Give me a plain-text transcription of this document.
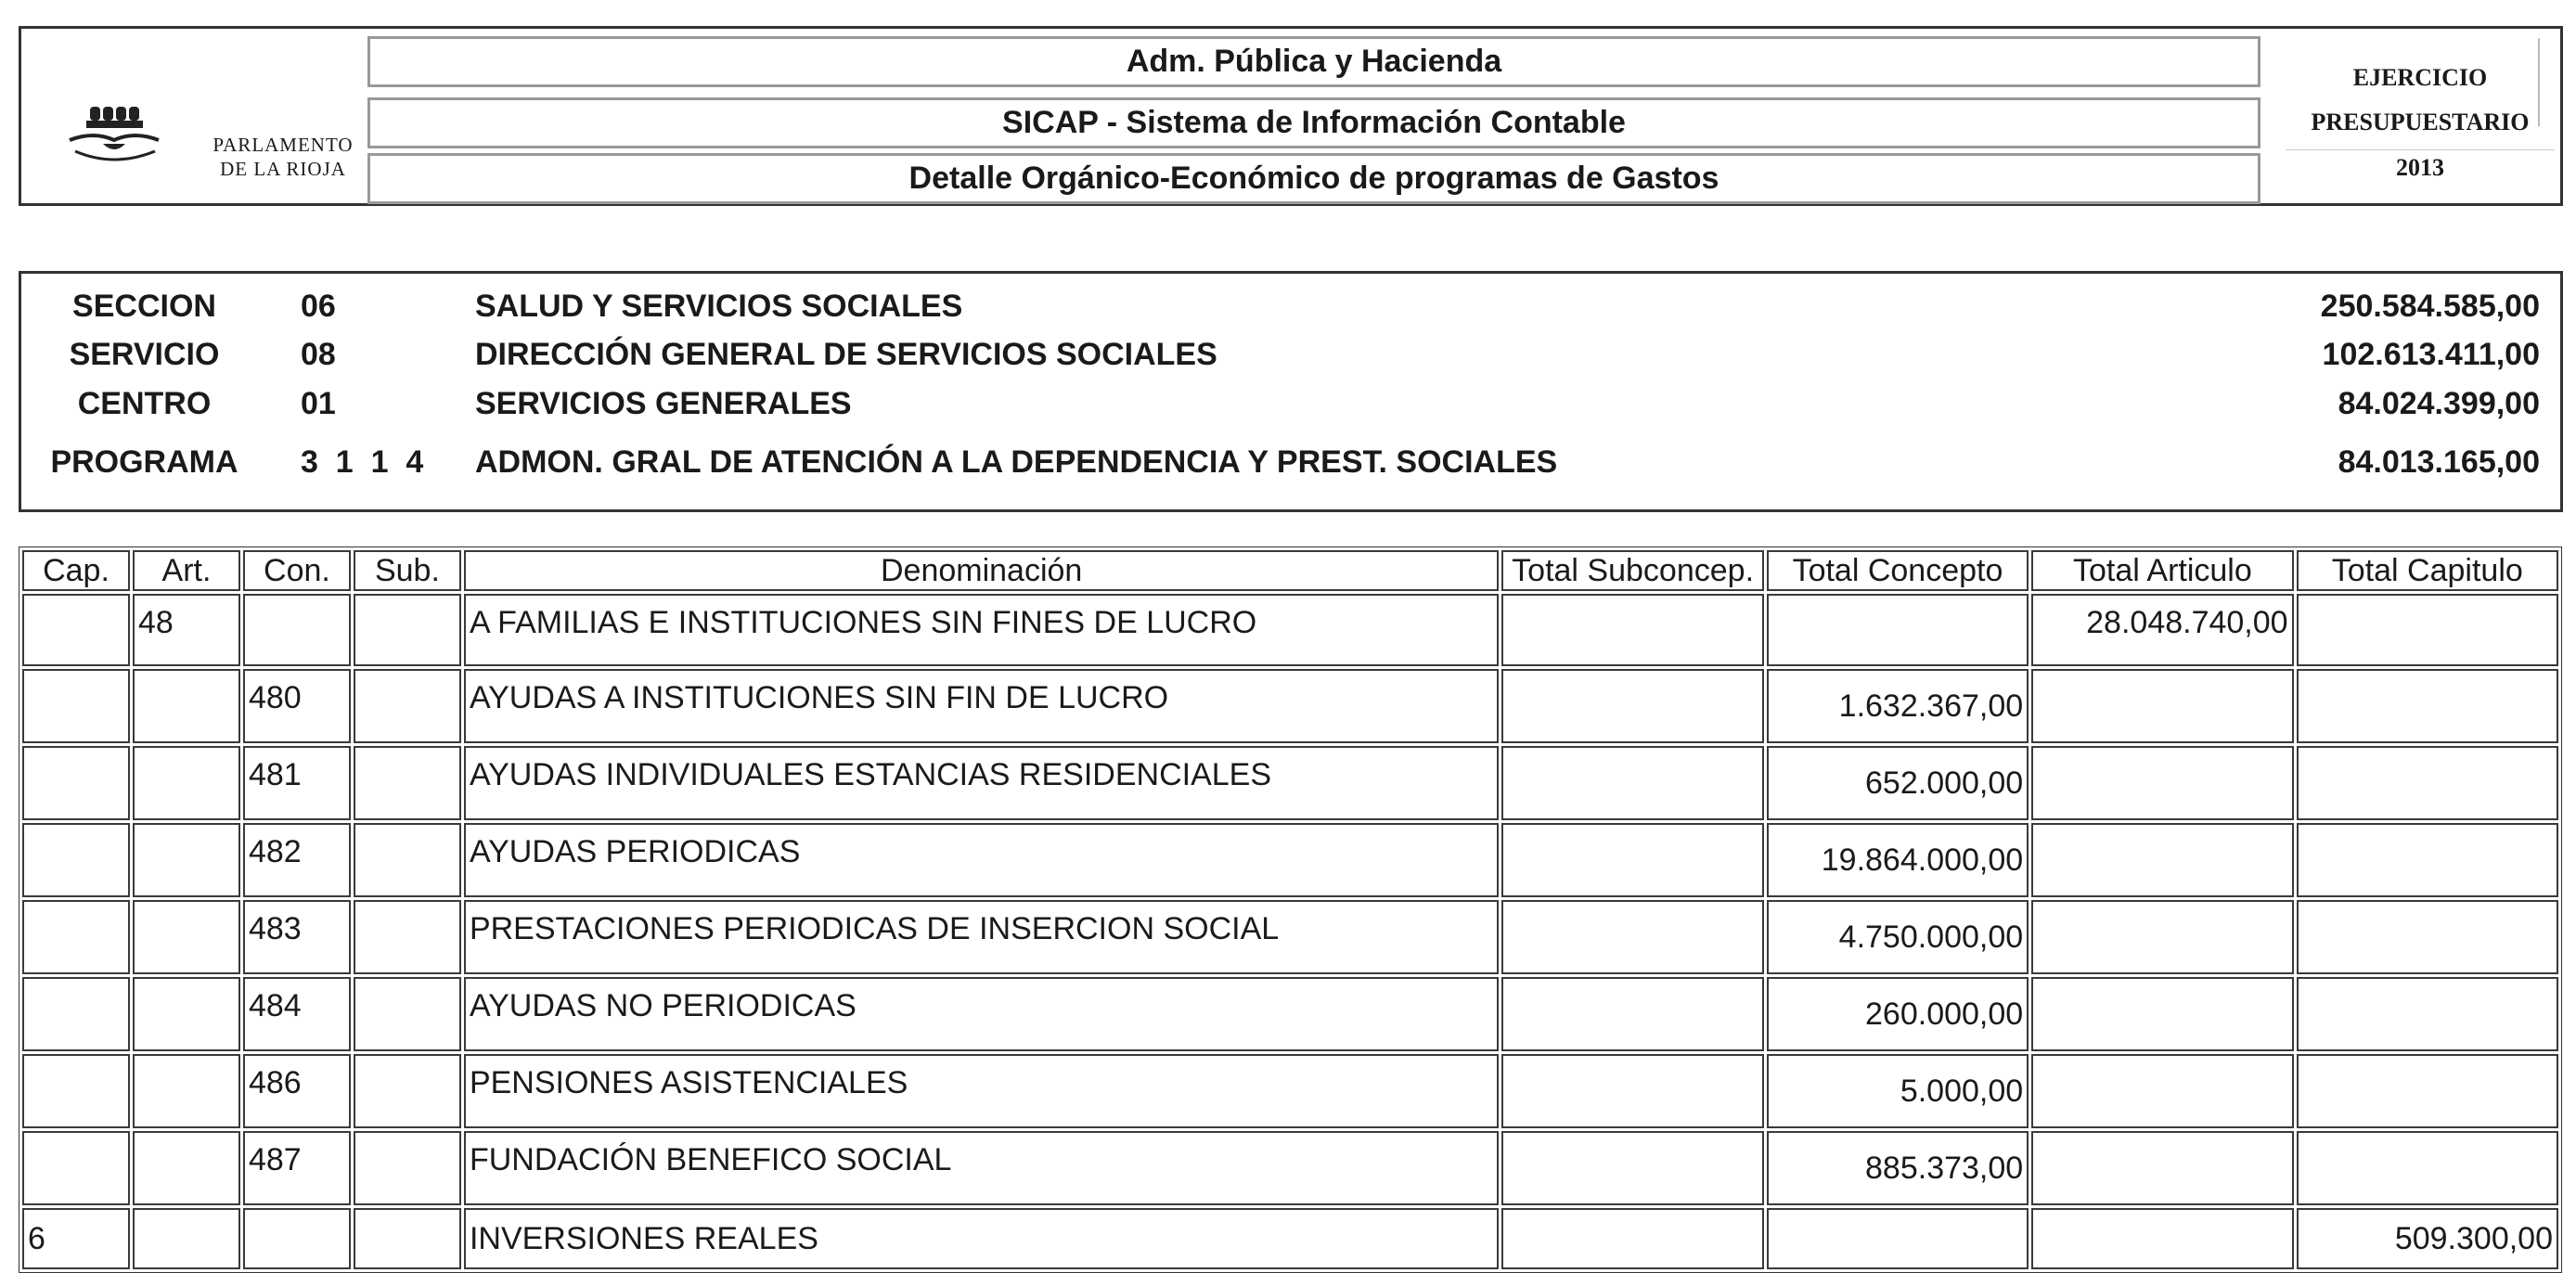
PARLAMENTO
DE LA RIOJA
Adm. Pública y Hacienda
SICAP - Sistema de Información Contable
Detalle Orgánico-Económico de programas de Gastos
EJERCICIO
PRESUPUESTARIO
2013
SECCION	06	SALUD Y SERVICIOS SOCIALES	250.584.585,00
SERVICIO	08	DIRECCIÓN GENERAL DE SERVICIOS SOCIALES	102.613.411,00
CENTRO	01	SERVICIOS GENERALES	84.024.399,00
PROGRAMA	3  1  1  4 ADMON. GRAL DE ATENCIÓN A LA DEPENDENCIA Y PREST. SOCIALES	84.013.165,00
Cap.	Art.	Con.	Sub.	Denominación	Total Subconcep.	Total Concepto	Total Articulo	Total Capitulo
	48			A FAMILIAS E INSTITUCIONES SIN FINES DE LUCRO			28.048.740,00	
		480		AYUDAS A INSTITUCIONES SIN FIN DE LUCRO		1.632.367,00		
		481		AYUDAS INDIVIDUALES ESTANCIAS RESIDENCIALES		652.000,00		
		482		AYUDAS PERIODICAS		19.864.000,00		
		483		PRESTACIONES PERIODICAS DE INSERCION SOCIAL		4.750.000,00		
		484		AYUDAS NO PERIODICAS		260.000,00		
		486		PENSIONES ASISTENCIALES		5.000,00		
		487		FUNDACIÓN BENEFICO SOCIAL		885.373,00		
6				INVERSIONES REALES				509.300,00
